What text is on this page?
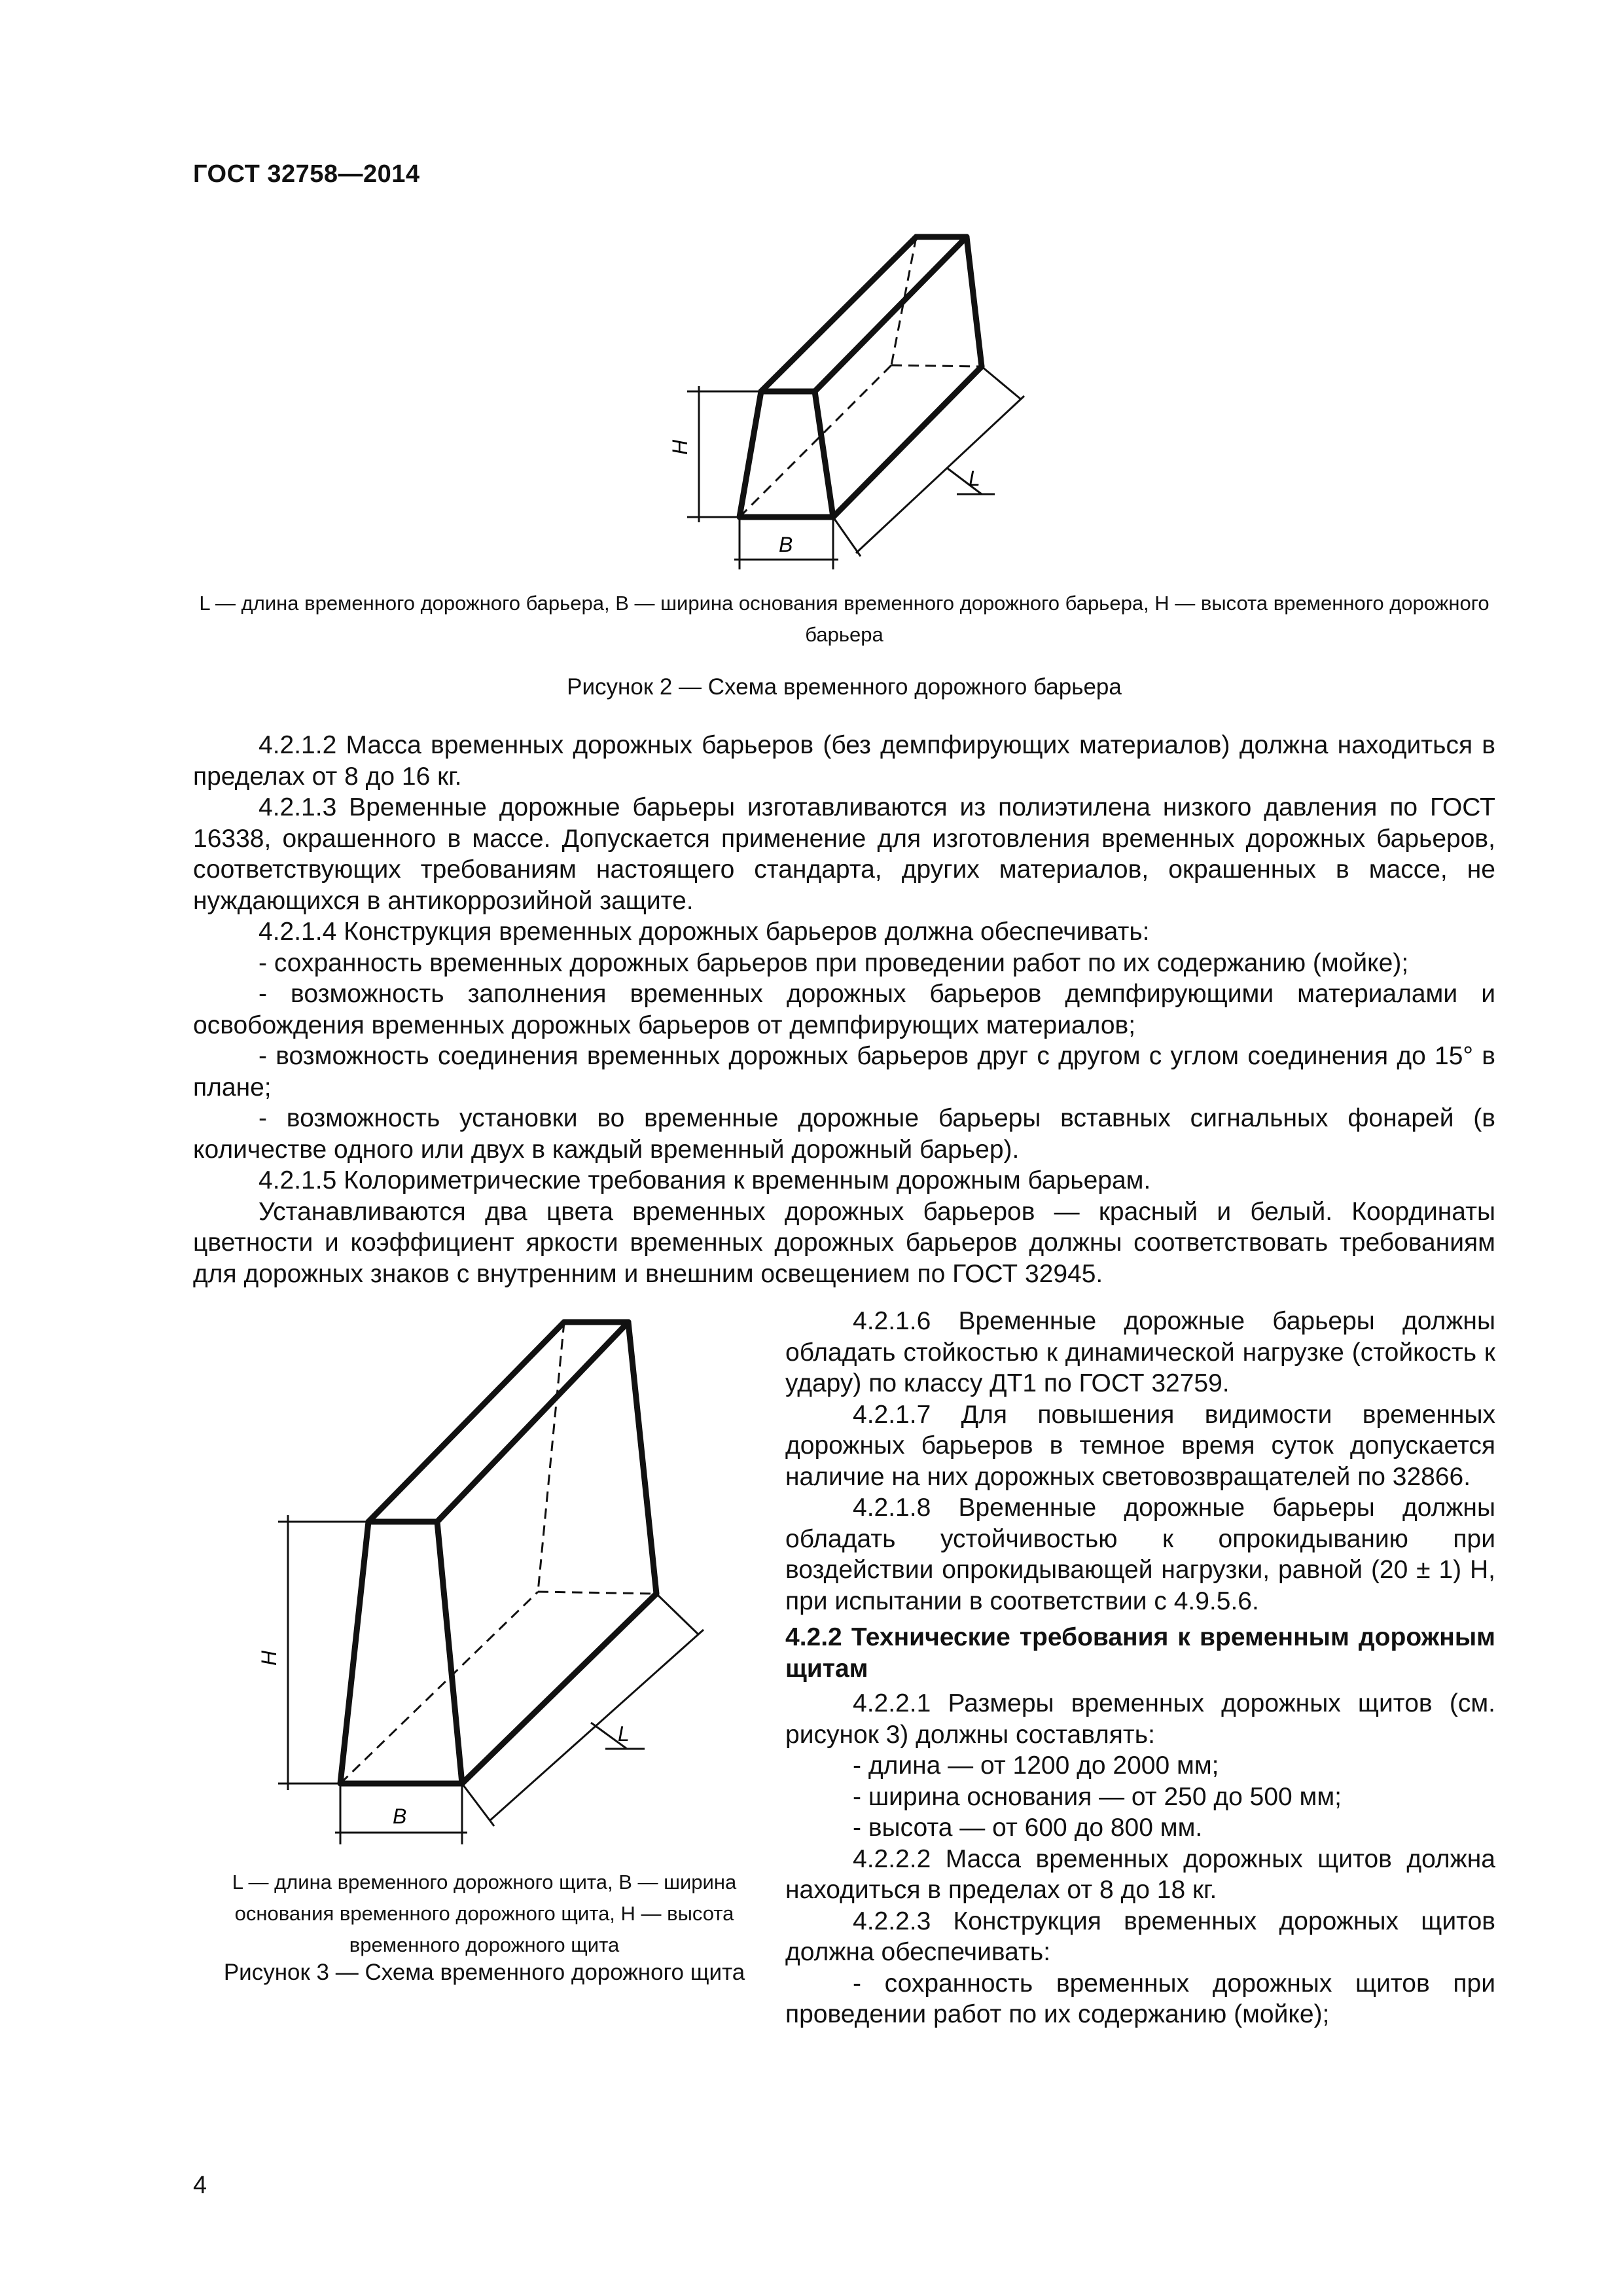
ГОСТ 32758—2014
H
B
L
L — длина временного дорожного барьера, B — ширина основания временного дорожного барьера, H — высота временного дорожного барьера
Рисунок 2 — Схема временного дорожного барьера

4.2.1.2 Масса временных дорожных барьеров (без демпфирующих материалов) должна находиться в пределах от 8 до 16 кг.

4.2.1.3 Временные дорожные барьеры изготавливаются из полиэтилена низкого давления по ГОСТ 16338, окрашенного в массе. Допускается применение для изготовления временных дорожных барьеров, соответствующих требованиям настоящего стандарта, других материалов, окрашенных в массе, не нуждающихся в антикоррозийной защите.

4.2.1.4 Конструкция временных дорожных барьеров должна обеспечивать:

- сохранность временных дорожных барьеров при проведении работ по их содержанию (мойке);

- возможность заполнения временных дорожных барьеров демпфирующими материалами и освобождения временных дорожных барьеров от демпфирующих материалов;

- возможность соединения временных дорожных барьеров друг с другом с углом соединения до 15° в плане;

- возможность установки во временные дорожные барьеры вставных сигнальных фонарей (в количестве одного или двух в каждый временный дорожный барьер).

4.2.1.5 Колориметрические требования к временным дорожным барьерам.

Устанавливаются два цвета временных дорожных барьеров — красный и белый. Координаты цветности и коэффициент яркости временных дорожных барьеров должны соответствовать требованиям для дорожных знаков с внутренним и внешним освещением по ГОСТ 32945.

H
B
L
L — длина временного дорожного щита, B — ширина основания временного дорожного щита, H — высота временного дорожного щита
Рисунок 3 — Схема временного дорожного щита

4.2.1.6 Временные дорожные барьеры должны обладать стойкостью к динамической нагрузке (стойкость к удару) по классу ДТ1 по ГОСТ 32759.

4.2.1.7 Для повышения видимости временных дорожных барьеров в темное время суток допускается наличие на них дорожных световозвращателей по 32866.

4.2.1.8 Временные дорожные барьеры должны обладать устойчивостью к опрокидыванию при воздействии опрокидывающей нагрузки, равной (20 ± 1) Н, при испытании в соответствии с 4.9.5.6.

4.2.2 Технические требования к временным дорожным щитам

4.2.2.1 Размеры временных дорожных щитов (см. рисунок 3) должны составлять:

- длина — от 1200 до 2000 мм;

- ширина основания — от 250 до 500 мм;

- высота — от 600 до 800 мм.

4.2.2.2 Масса временных дорожных щитов должна находиться в пределах от 8 до 18 кг.

4.2.2.3 Конструкция временных дорожных щитов должна обеспечивать:

- сохранность временных дорожных щитов при проведении работ по их содержанию (мойке);

4
